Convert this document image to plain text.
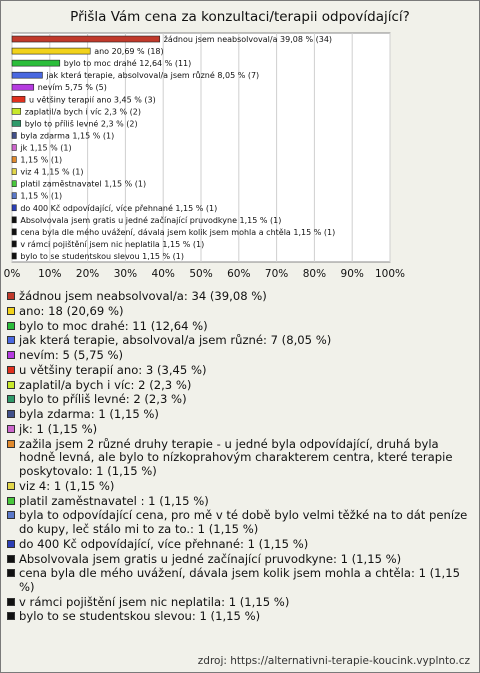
Přišla Vám cena za konzultaci/terapii odpovídající?
0% 10% 20% 30% 40% 50% 60% 70% 80% 90% 100%
žádnou jsem neabsolvoval/a 39,08 % (34)
ano 20,69 % (18)
bylo to moc drahé 12,64 % (11)
jak která terapie, absolvoval/a jsem různé 8,05 % (7)
nevím 5,75 % (5)
u většiny terapií ano 3,45 % (3)
zaplatil/a bych i víc 2,3 % (2)
bylo to příliš levné 2,3 % (2)
byla zdarma 1,15 % (1)
jk 1,15 % (1)
1,15 % (1)
viz 4 1,15 % (1)
platil zaměstnavatel 1,15 % (1)
1,15 % (1)
do 400 Kč odpovídající, více přehnané 1,15 % (1)
Absolvovala jsem gratis u jedné začínající pruvodkyne 1,15 % (1)
cena byla dle mého uvážení, dávala jsem kolik jsem mohla a chtěla 1,15 % (1)
v rámci pojištění jsem nic neplatila 1,15 % (1)
bylo to se studentskou slevou 1,15 % (1)
žádnou jsem neabsolvoval/a: 34 (39,08 %)
ano: 18 (20,69 %)
bylo to moc drahé: 11 (12,64 %)
jak která terapie, absolvoval/a jsem různé: 7 (8,05 %)
nevím: 5 (5,75 %)
u většiny terapií ano: 3 (3,45 %)
zaplatil/a bych i víc: 2 (2,3 %)
bylo to příliš levné: 2 (2,3 %)
byla zdarma: 1 (1,15 %)
jk: 1 (1,15 %)
zažila jsem 2 různé druhy terapie - u jedné byla odpovídající, druhá byla hodně levná, ale bylo to nízkoprahovým charakterem centra, které terapie poskytovalo: 1 (1,15 %)
viz 4: 1 (1,15 %)
platil zaměstnavatel : 1 (1,15 %)
byla to odpovídající cena, pro mě v té době bylo velmi těžké na to dát peníze do kupy, leč stálo mi to za to.: 1 (1,15 %)
do 400 Kč odpovídající, více přehnané: 1 (1,15 %)
Absolvovala jsem gratis u jedné začínající pruvodkyne: 1 (1,15 %)
cena byla dle mého uvážení, dávala jsem kolik jsem mohla a chtěla: 1 (1,15 %)
v rámci pojištění jsem nic neplatila: 1 (1,15 %)
bylo to se studentskou slevou: 1 (1,15 %)
zdroj: https://alternativni-terapie-koucink.vyplnto.cz
